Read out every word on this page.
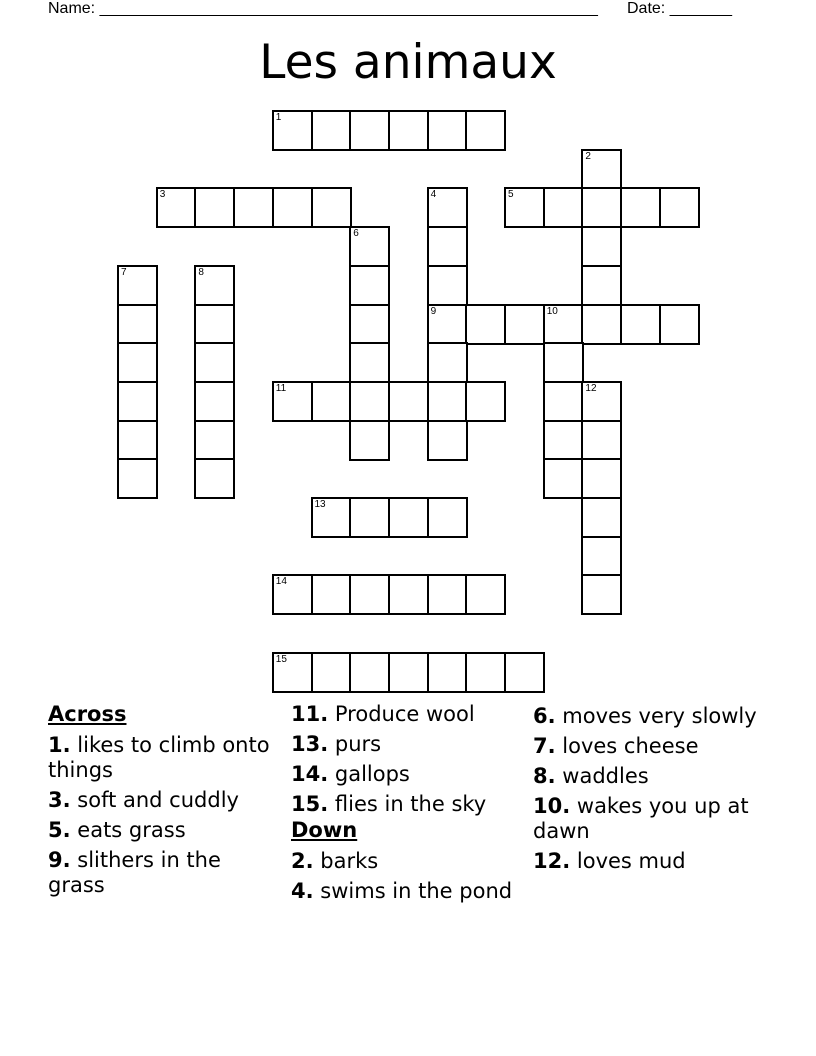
Name: ________________________________________________________ Date: _______
Les animaux
1
2
3	4	5
6
7	8
9	10
11	12
13
14
15
Across
1. likes to climb onto things
3. soft and cuddly
5. eats grass
9. slithers in the grass
11. Produce wool
13. purs
14. gallops
15. flies in the sky
Down
2. barks
4. swims in the pond
6. moves very slowly
7. loves cheese
8. waddles
10. wakes you up at dawn
12. loves mud
